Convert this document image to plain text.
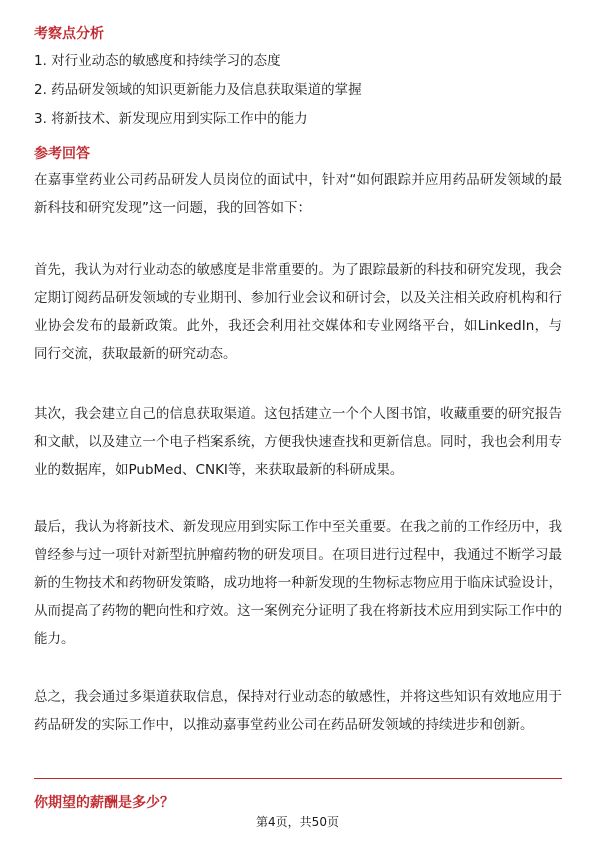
考察点分析
1. 对行业动态的敏感度和持续学习的态度
2. 药品研发领域的知识更新能力及信息获取渠道的掌握
3. 将新技术、新发现应用到实际工作中的能力
参考回答

在嘉事堂药业公司药品研发人员岗位的面试中，针对“如何跟踪并应用药品研发领域的最新科技和研究发现”这一问题，我的回答如下：

首先，我认为对行业动态的敏感度是非常重要的。为了跟踪最新的科技和研究发现，我会定期订阅药品研发领域的专业期刊、参加行业会议和研讨会，以及关注相关政府机构和行业协会发布的最新政策。此外，我还会利用社交媒体和专业网络平台，如LinkedIn，与同行交流，获取最新的研究动态。

其次，我会建立自己的信息获取渠道。这包括建立一个个人图书馆，收藏重要的研究报告和文献，以及建立一个电子档案系统，方便我快速查找和更新信息。同时，我也会利用专业的数据库，如PubMed、CNKI等，来获取最新的科研成果。

最后，我认为将新技术、新发现应用到实际工作中至关重要。在我之前的工作经历中，我曾经参与过一项针对新型抗肿瘤药物的研发项目。在项目进行过程中，我通过不断学习最新的生物技术和药物研发策略，成功地将一种新发现的生物标志物应用于临床试验设计，从而提高了药物的靶向性和疗效。这一案例充分证明了我在将新技术应用到实际工作中的能力。

总之，我会通过多渠道获取信息，保持对行业动态的敏感性，并将这些知识有效地应用于药品研发的实际工作中，以推动嘉事堂药业公司在药品研发领域的持续进步和创新。

你期望的薪酬是多少？
第4页，共50页
